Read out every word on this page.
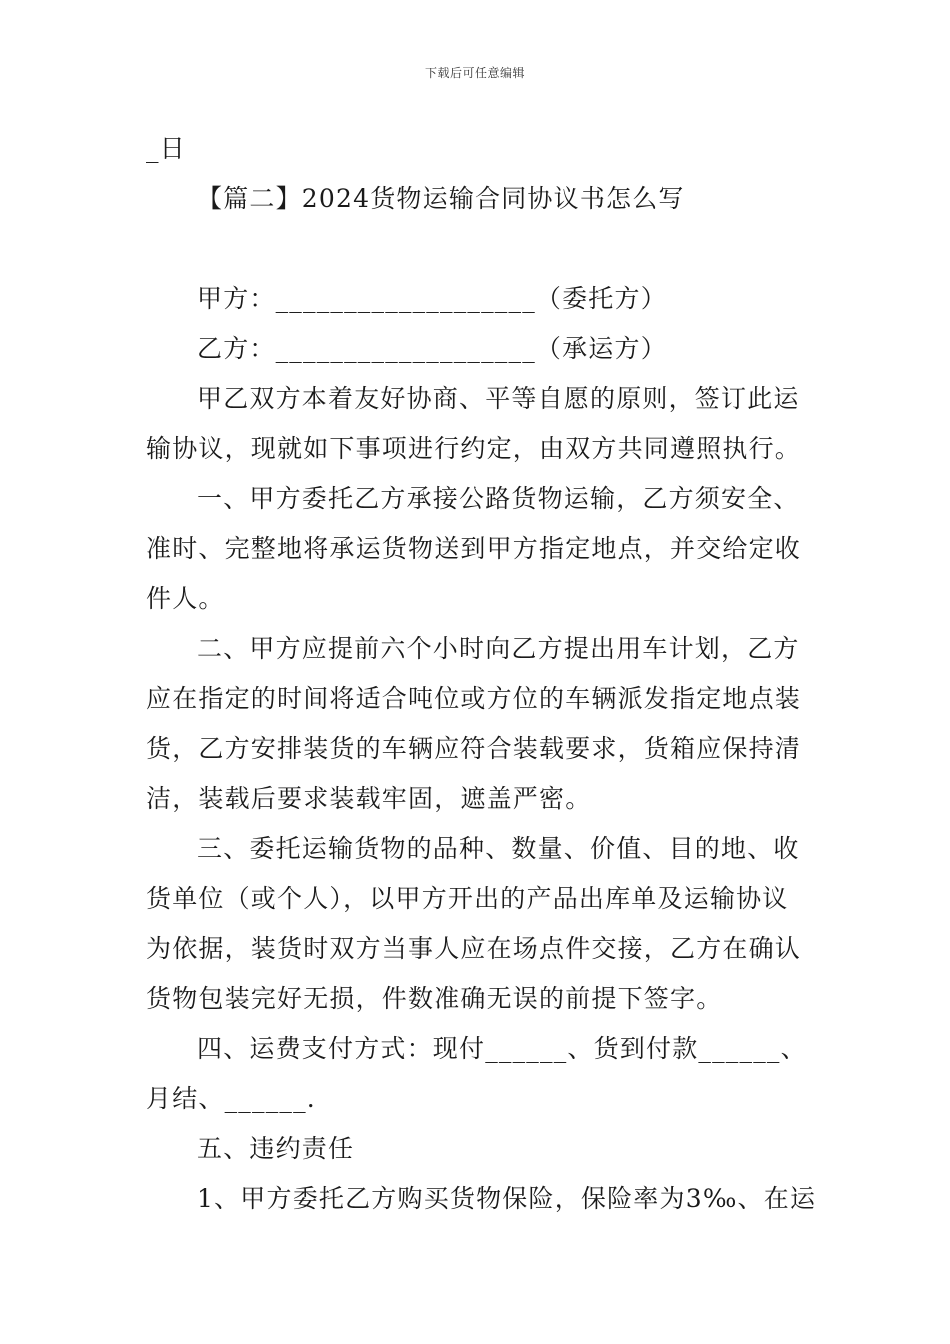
下载后可任意编辑
_日
【篇二】2024货物运输合同协议书怎么写
甲方：___________________（委托方）
乙方：___________________（承运方）
甲乙双方本着友好协商、平等自愿的原则，签订此运
输协议，现就如下事项进行约定，由双方共同遵照执行。
一、甲方委托乙方承接公路货物运输，乙方须安全、
准时、完整地将承运货物送到甲方指定地点，并交给定收
件人。
二、甲方应提前六个小时向乙方提出用车计划，乙方
应在指定的时间将适合吨位或方位的车辆派发指定地点装
货，乙方安排装货的车辆应符合装载要求，货箱应保持清
洁，装载后要求装载牢固，遮盖严密。
三、委托运输货物的品种、数量、价值、目的地、收
货单位（或个人），以甲方开出的产品出库单及运输协议
为依据，装货时双方当事人应在场点件交接，乙方在确认
货物包装完好无损，件数准确无误的前提下签字。
四、运费支付方式：现付______、货到付款______、
月结、______.
五、违约责任
1、甲方委托乙方购买货物保险，保险率为3‰、在运
